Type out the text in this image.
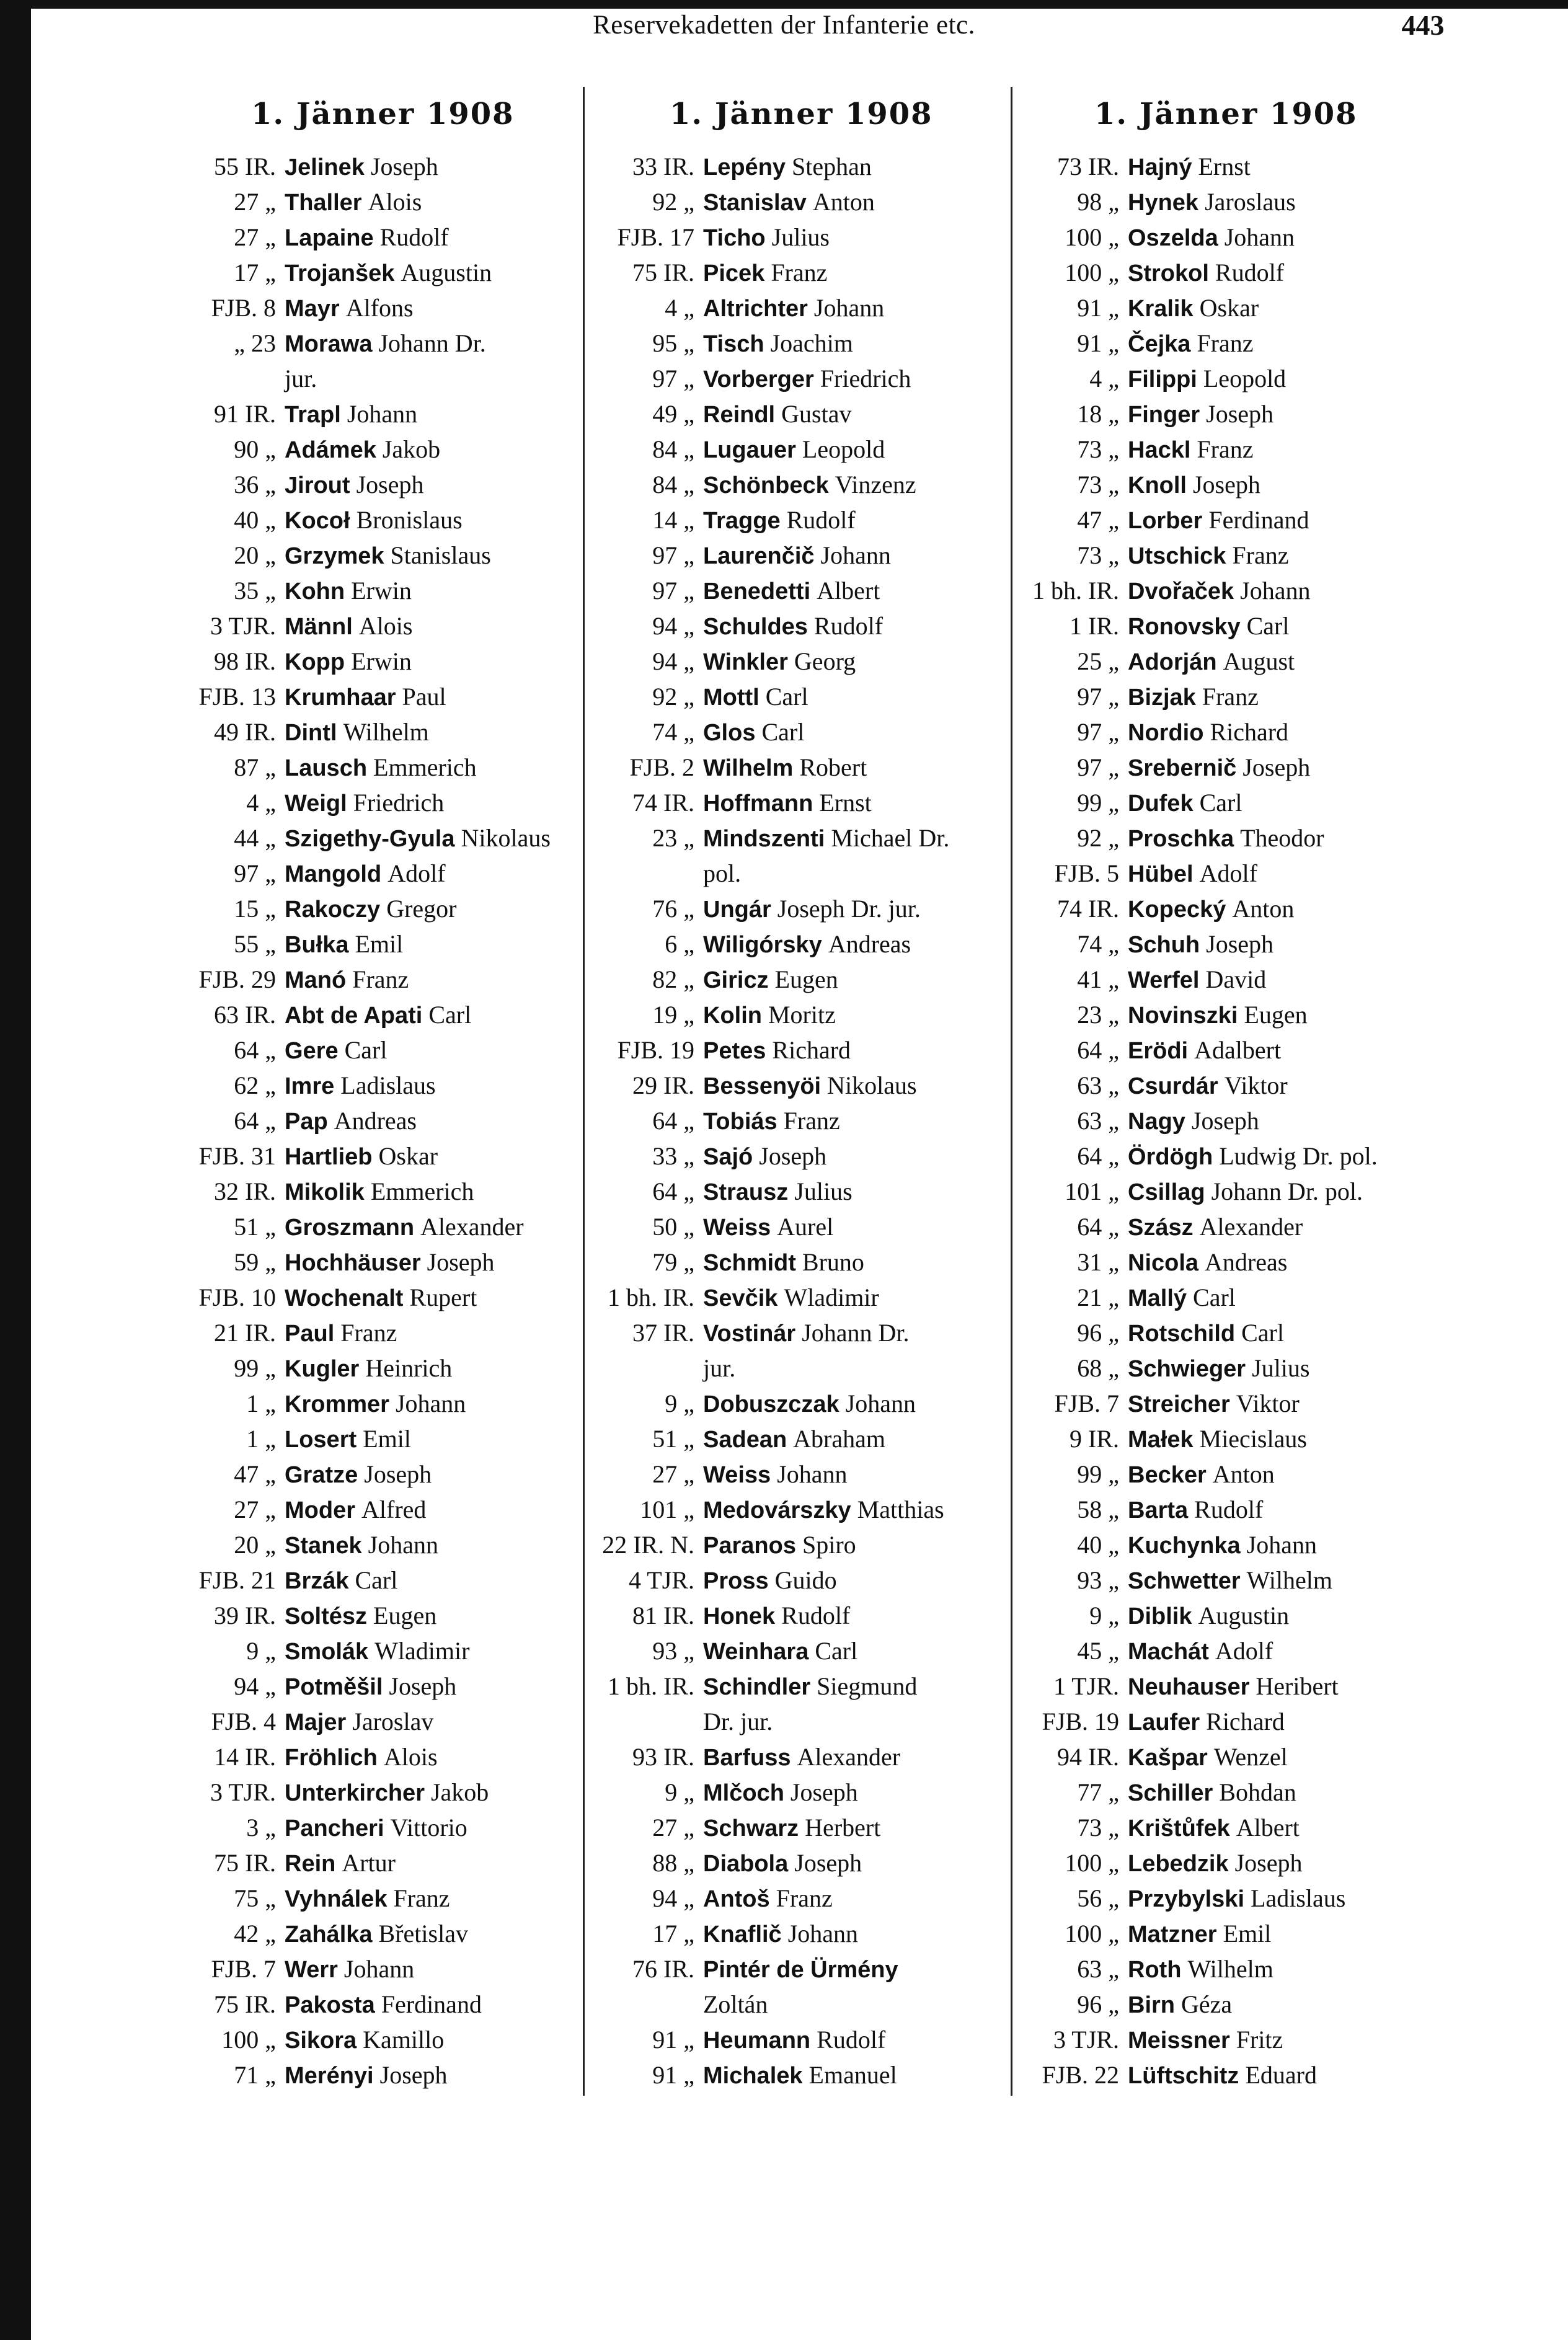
Reservekadetten der Infanterie etc.	443
1. Jänner 1908
55 IR. Jelinek Joseph
27 „ Thaller Alois
27 „ Lapaine Rudolf
17 „ Trojanšek Augustin
FJB. 8 Mayr Alfons
„ 23 Morawa Johann Dr.
jur.
91 IR. Trapl Johann
90 „ Adámek Jakob
36 „ Jirout Joseph
40 „ Kocoł Bronislaus
20 „ Grzymek Stanislaus
35 „ Kohn Erwin
3 TJR. Männl Alois
98 IR. Kopp Erwin
FJB. 13 Krumhaar Paul
49 IR. Dintl Wilhelm
87 „ Lausch Emmerich
4 „ Weigl Friedrich
44 „ Szigethy-Gyula Nikolaus
97 „ Mangold Adolf
15 „ Rakoczy Gregor
55 „ Bułka Emil
FJB. 29 Manó Franz
63 IR. Abt de Apati Carl
64 „ Gere Carl
62 „ Imre Ladislaus
64 „ Pap Andreas
FJB. 31 Hartlieb Oskar
32 IR. Mikolik Emmerich
51 „ Groszmann Alexander
59 „ Hochhäuser Joseph
FJB. 10 Wochenalt Rupert
21 IR. Paul Franz
99 „ Kugler Heinrich
1 „ Krommer Johann
1 „ Losert Emil
47 „ Gratze Joseph
27 „ Moder Alfred
20 „ Stanek Johann
FJB. 21 Brzák Carl
39 IR. Soltész Eugen
9 „ Smolák Wladimir
94 „ Potměšil Joseph
FJB. 4 Majer Jaroslav
14 IR. Fröhlich Alois
3 TJR. Unterkircher Jakob
3 „ Pancheri Vittorio
75 IR. Rein Artur
75 „ Vyhnálek Franz
42 „ Zahálka Břetislav
FJB. 7 Werr Johann
75 IR. Pakosta Ferdinand
100 „ Sikora Kamillo
71 „ Merényi Joseph
1. Jänner 1908
33 IR. Lepény Stephan
92 „ Stanislav Anton
FJB. 17 Ticho Julius
75 IR. Picek Franz
4 „ Altrichter Johann
95 „ Tisch Joachim
97 „ Vorberger Friedrich
49 „ Reindl Gustav
84 „ Lugauer Leopold
84 „ Schönbeck Vinzenz
14 „ Tragge Rudolf
97 „ Laurenčič Johann
97 „ Benedetti Albert
94 „ Schuldes Rudolf
94 „ Winkler Georg
92 „ Mottl Carl
74 „ Glos Carl
FJB. 2 Wilhelm Robert
74 IR. Hoffmann Ernst
23 „ Mindszenti Michael Dr.
pol.
76 „ Ungár Joseph Dr. jur.
6 „ Wiligórsky Andreas
82 „ Giricz Eugen
19 „ Kolin Moritz
FJB. 19 Petes Richard
29 IR. Bessenyöi Nikolaus
64 „ Tobiás Franz
33 „ Sajó Joseph
64 „ Strausz Julius
50 „ Weiss Aurel
79 „ Schmidt Bruno
1 bh. IR. Sevčik Wladimir
37 IR. Vostinár Johann Dr.
jur.
9 „ Dobuszczak Johann
51 „ Sadean Abraham
27 „ Weiss Johann
101 „ Medovárszky Matthias
22 IR. N. Paranos Spiro
4 TJR. Pross Guido
81 IR. Honek Rudolf
93 „ Weinhara Carl
1 bh. IR. Schindler Siegmund
Dr. jur.
93 IR. Barfuss Alexander
9 „ Mlčoch Joseph
27 „ Schwarz Herbert
88 „ Diabola Joseph
94 „ Antoš Franz
17 „ Knaflič Johann
76 IR. Pintér de Ürmény
Zoltán
91 „ Heumann Rudolf
91 „ Michalek Emanuel
1. Jänner 1908
73 IR. Hajný Ernst
98 „ Hynek Jaroslaus
100 „ Oszelda Johann
100 „ Strokol Rudolf
91 „ Kralik Oskar
91 „ Čejka Franz
4 „ Filippi Leopold
18 „ Finger Joseph
73 „ Hackl Franz
73 „ Knoll Joseph
47 „ Lorber Ferdinand
73 „ Utschick Franz
1 bh. IR. Dvořaček Johann
1 IR. Ronovsky Carl
25 „ Adorján August
97 „ Bizjak Franz
97 „ Nordio Richard
97 „ Srebernič Joseph
99 „ Dufek Carl
92 „ Proschka Theodor
FJB. 5 Hübel Adolf
74 IR. Kopecký Anton
74 „ Schuh Joseph
41 „ Werfel David
23 „ Novinszki Eugen
64 „ Erödi Adalbert
63 „ Csurdár Viktor
63 „ Nagy Joseph
64 „ Ördögh Ludwig Dr. pol.
101 „ Csillag Johann Dr. pol.
64 „ Szász Alexander
31 „ Nicola Andreas
21 „ Mallý Carl
96 „ Rotschild Carl
68 „ Schwieger Julius
FJB. 7 Streicher Viktor
9 IR. Małek Miecislaus
99 „ Becker Anton
58 „ Barta Rudolf
40 „ Kuchynka Johann
93 „ Schwetter Wilhelm
9 „ Diblik Augustin
45 „ Machát Adolf
1 TJR. Neuhauser Heribert
FJB. 19 Laufer Richard
94 IR. Kašpar Wenzel
77 „ Schiller Bohdan
73 „ Krištůfek Albert
100 „ Lebedzik Joseph
56 „ Przybylski Ladislaus
100 „ Matzner Emil
63 „ Roth Wilhelm
96 „ Birn Géza
3 TJR. Meissner Fritz
FJB. 22 Lüftschitz Eduard
